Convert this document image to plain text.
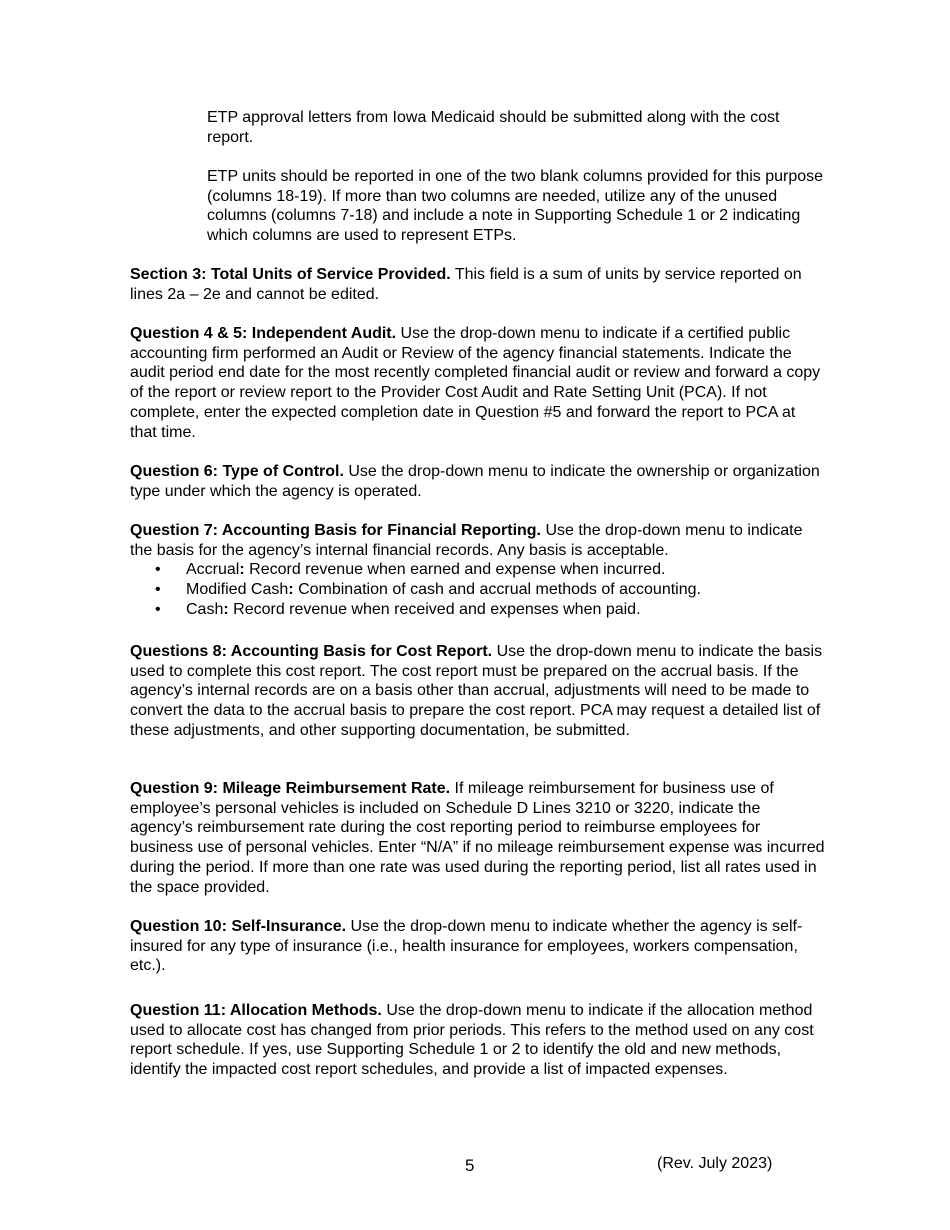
ETP approval letters from Iowa Medicaid should be submitted along with the cost report.

ETP units should be reported in one of the two blank columns provided for this purpose (columns 18-19). If more than two columns are needed, utilize any of the unused columns (columns 7-18) and include a note in Supporting Schedule 1 or 2 indicating which columns are used to represent ETPs.

Section 3: Total Units of Service Provided. This field is a sum of units by service reported on lines 2a – 2e and cannot be edited.

Question 4 & 5: Independent Audit. Use the drop-down menu to indicate if a certified public accounting firm performed an Audit or Review of the agency financial statements. Indicate the audit period end date for the most recently completed financial audit or review and forward a copy of the report or review report to the Provider Cost Audit and Rate Setting Unit (PCA). If not complete, enter the expected completion date in Question #5 and forward the report to PCA at that time.

Question 6: Type of Control. Use the drop-down menu to indicate the ownership or organization type under which the agency is operated.

Question 7: Accounting Basis for Financial Reporting. Use the drop-down menu to indicate the basis for the agency’s internal financial records. Any basis is acceptable.

• Accrual: Record revenue when earned and expense when incurred.
• Modified Cash: Combination of cash and accrual methods of accounting.
• Cash: Record revenue when received and expenses when paid.

Questions 8: Accounting Basis for Cost Report. Use the drop-down menu to indicate the basis used to complete this cost report. The cost report must be prepared on the accrual basis. If the agency’s internal records are on a basis other than accrual, adjustments will need to be made to convert the data to the accrual basis to prepare the cost report. PCA may request a detailed list of these adjustments, and other supporting documentation, be submitted.

Question 9: Mileage Reimbursement Rate. If mileage reimbursement for business use of employee’s personal vehicles is included on Schedule D Lines 3210 or 3220, indicate the agency’s reimbursement rate during the cost reporting period to reimburse employees for business use of personal vehicles. Enter “N/A” if no mileage reimbursement expense was incurred during the period. If more than one rate was used during the reporting period, list all rates used in the space provided.

Question 10: Self-Insurance. Use the drop-down menu to indicate whether the agency is self-insured for any type of insurance (i.e., health insurance for employees, workers compensation, etc.).

Question 11: Allocation Methods. Use the drop-down menu to indicate if the allocation method used to allocate cost has changed from prior periods. This refers to the method used on any cost report schedule. If yes, use Supporting Schedule 1 or 2 to identify the old and new methods, identify the impacted cost report schedules, and provide a list of impacted expenses.

5	(Rev. July 2023)
